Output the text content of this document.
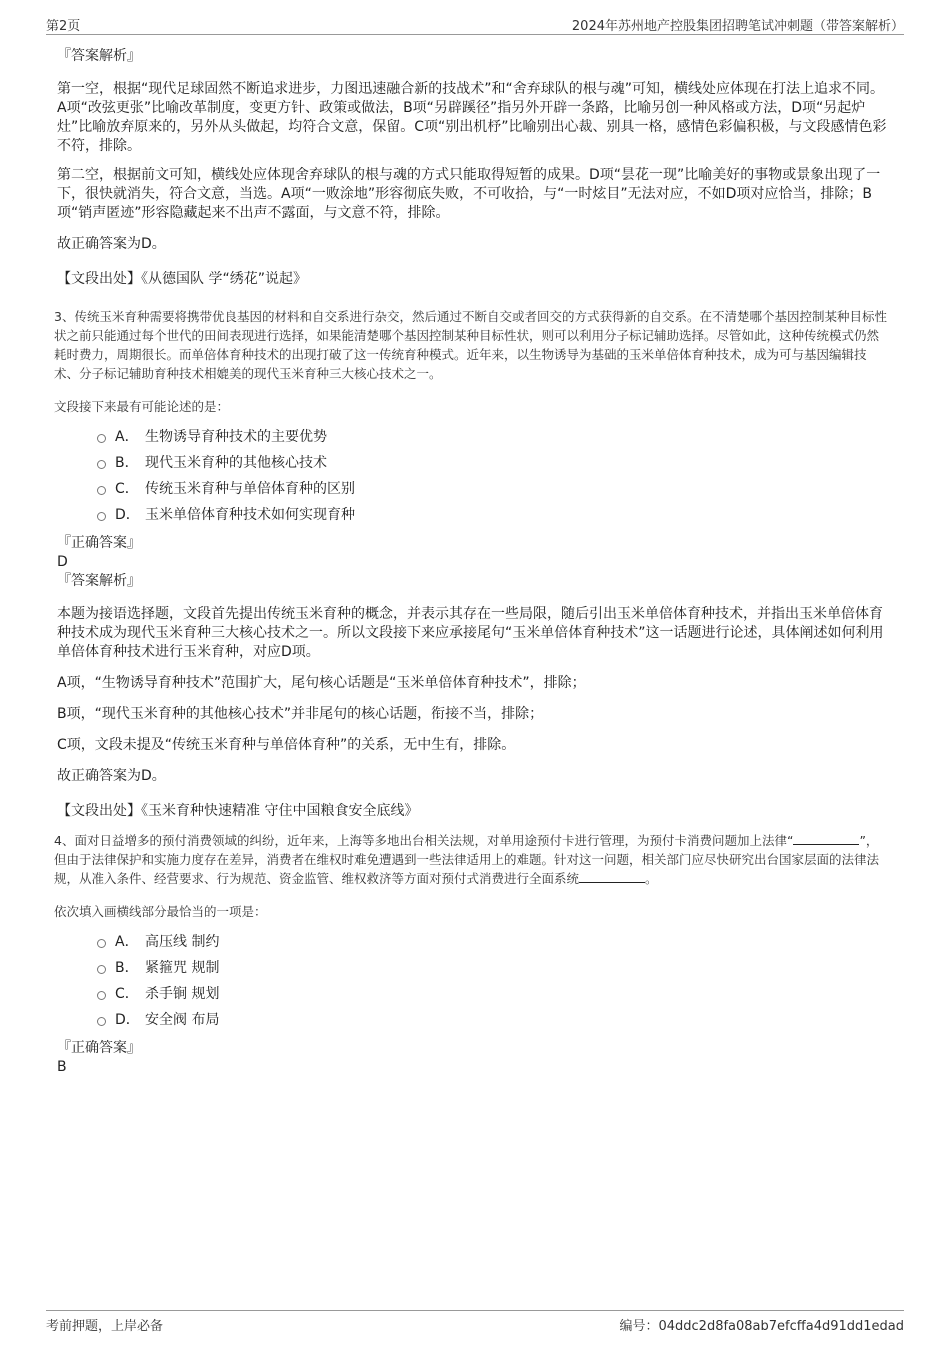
第2页	2024年苏州地产控股集团招聘笔试冲刺题（带答案解析）

『答案解析』

第一空，根据“现代足球固然不断追求进步，力图迅速融合新的技战术”和“舍弃球队的根与魂”可知，横线处应体现在打法上追求不同。A项“改弦更张”比喻改革制度，变更方针、政策或做法，B项“另辟蹊径”指另外开辟一条路，比喻另创一种风格或方法，D项“另起炉灶”比喻放弃原来的，另外从头做起，均符合文意，保留。C项“别出机杼”比喻别出心裁、别具一格，感情色彩偏积极，与文段感情色彩不符，排除。

第二空，根据前文可知，横线处应体现舍弃球队的根与魂的方式只能取得短暂的成果。D项“昙花一现”比喻美好的事物或景象出现了一下，很快就消失，符合文意，当选。A项“一败涂地”形容彻底失败，不可收拾，与“一时炫目”无法对应，不如D项对应恰当，排除；B项“销声匿迹”形容隐藏起来不出声不露面，与文意不符，排除。

故正确答案为D。

【文段出处】《从德国队 学“绣花”说起》

3、传统玉米育种需要将携带优良基因的材料和自交系进行杂交，然后通过不断自交或者回交的方式获得新的自交系。在不清楚哪个基因控制某种目标性状之前只能通过每个世代的田间表现进行选择，如果能清楚哪个基因控制某种目标性状，则可以利用分子标记辅助选择。尽管如此，这种传统模式仍然耗时费力，周期很长。而单倍体育种技术的出现打破了这一传统育种模式。近年来，以生物诱导为基础的玉米单倍体育种技术，成为可与基因编辑技术、分子标记辅助育种技术相媲美的现代玉米育种三大核心技术之一。

文段接下来最有可能论述的是：

A． 生物诱导育种技术的主要优势
B． 现代玉米育种的其他核心技术
C． 传统玉米育种与单倍体育种的区别
D． 玉米单倍体育种技术如何实现育种

『正确答案』

D

『答案解析』

本题为接语选择题，文段首先提出传统玉米育种的概念，并表示其存在一些局限，随后引出玉米单倍体育种技术，并指出玉米单倍体育种技术成为现代玉米育种三大核心技术之一。所以文段接下来应承接尾句“玉米单倍体育种技术”这一话题进行论述，具体阐述如何利用单倍体育种技术进行玉米育种，对应D项。

A项，“生物诱导育种技术”范围扩大，尾句核心话题是“玉米单倍体育种技术”，排除；

B项，“现代玉米育种的其他核心技术”并非尾句的核心话题，衔接不当，排除；

C项，文段未提及“传统玉米育种与单倍体育种”的关系，无中生有，排除。

故正确答案为D。

【文段出处】《玉米育种快速精准 守住中国粮食安全底线》

4、面对日益增多的预付消费领域的纠纷，近年来，上海等多地出台相关法规，对单用途预付卡进行管理，为预付卡消费问题加上法律“	”，但由于法律保护和实施力度存在差异，消费者在维权时难免遭遇到一些法律适用上的难题。针对这一问题，相关部门应尽快研究出台国家层面的法律法规，从准入条件、经营要求、行为规范、资金监管、维权救济等方面对预付式消费进行全面系统	。

依次填入画横线部分最恰当的一项是：

A． 高压线 制约
B． 紧箍咒 规制
C． 杀手锏 规划
D． 安全阀 布局

『正确答案』

B

考前押题，上岸必备	编号：04ddc2d8fa08ab7efcffa4d91dd1edad
